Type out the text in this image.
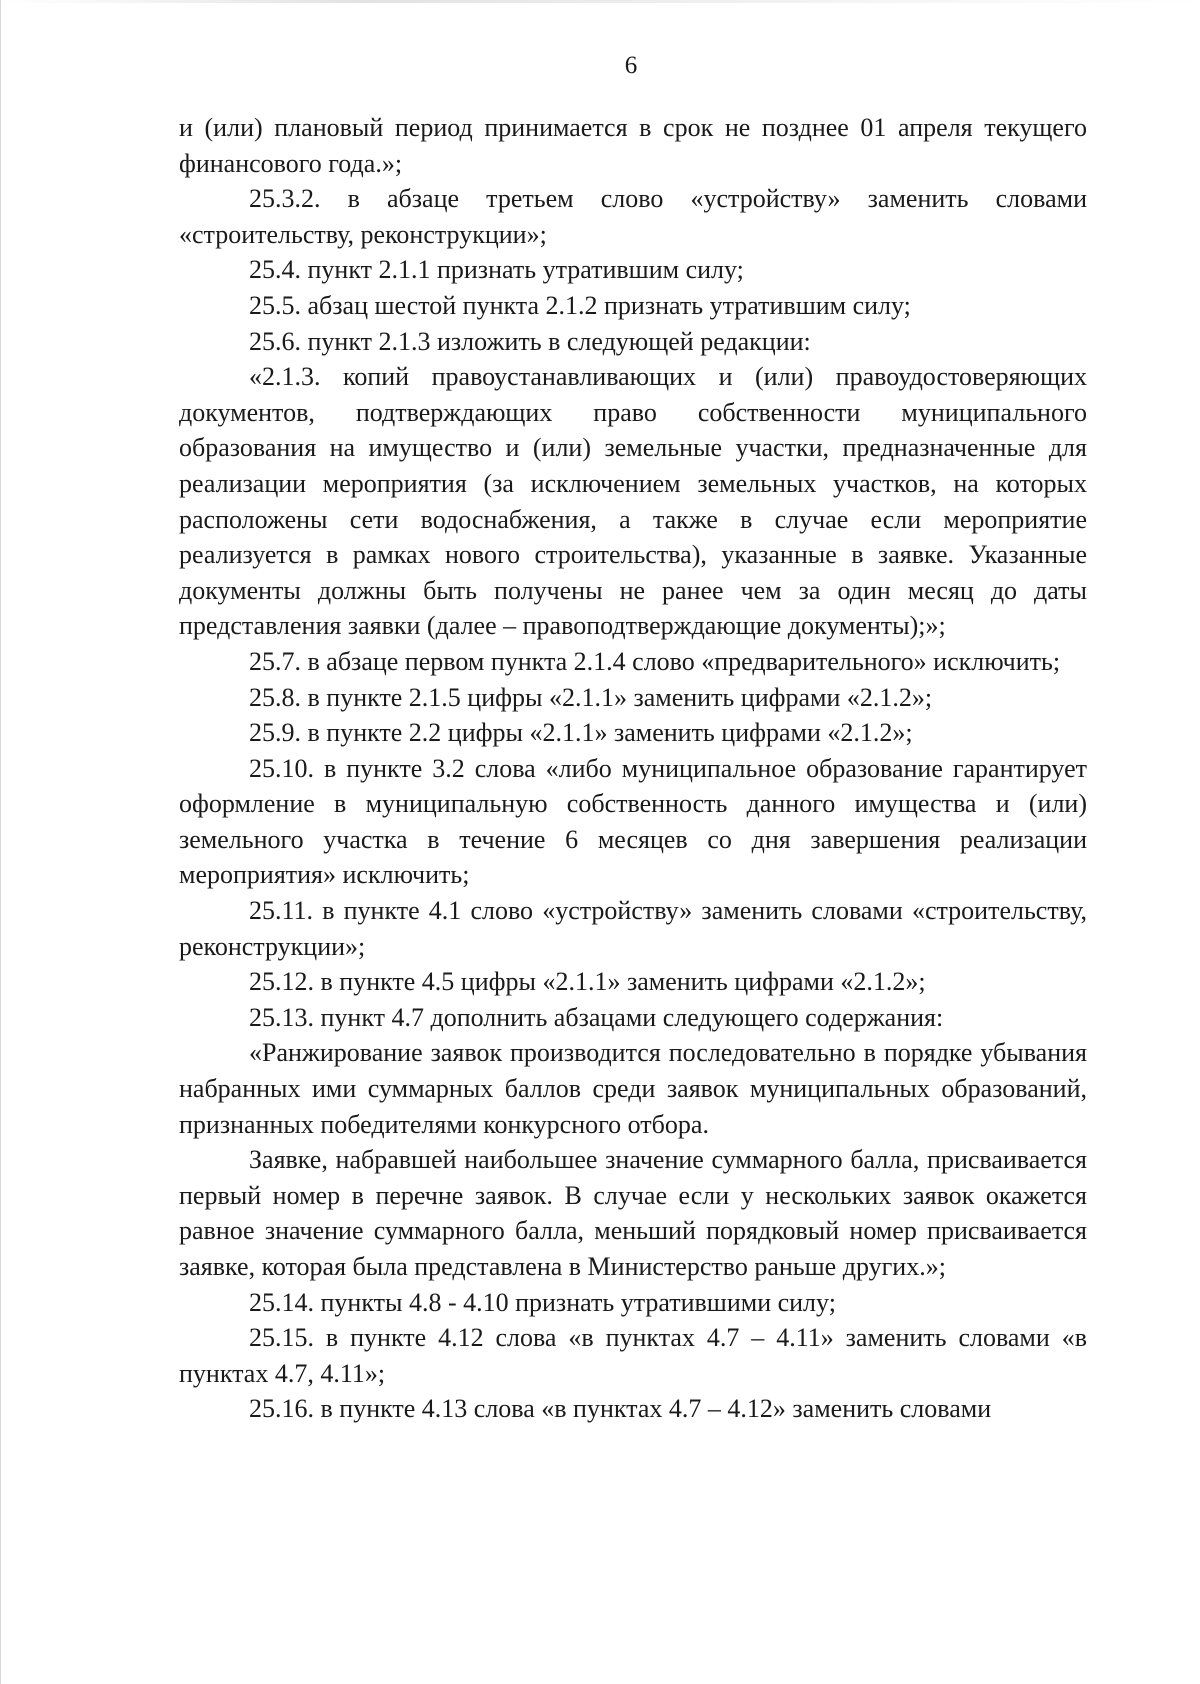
6

и (или) плановый период принимается в срок не позднее 01 апреля текущего финансового года.»;

25.3.2. в абзаце третьем слово «устройству» заменить словами «строительству, реконструкции»;

25.4. пункт 2.1.1 признать утратившим силу;

25.5. абзац шестой пункта 2.1.2 признать утратившим силу;

25.6. пункт 2.1.3 изложить в следующей редакции:

«2.1.3. копий правоустанавливающих и (или) правоудостоверяющих документов, подтверждающих право собственности муниципального образования на имущество и (или) земельные участки, предназначенные для реализации мероприятия (за исключением земельных участков, на которых расположены сети водоснабжения, а также в случае если мероприятие реализуется в рамках нового строительства), указанные в заявке. Указанные документы должны быть получены не ранее чем за один месяц до даты представления заявки (далее – правоподтверждающие документы);»;

25.7. в абзаце первом пункта 2.1.4 слово «предварительного» исключить;

25.8. в пункте 2.1.5 цифры «2.1.1» заменить цифрами «2.1.2»;

25.9. в пункте 2.2 цифры «2.1.1» заменить цифрами «2.1.2»;

25.10. в пункте 3.2 слова «либо муниципальное образование гарантирует оформление в муниципальную собственность данного имущества и (или) земельного участка в течение 6 месяцев со дня завершения реализации мероприятия» исключить;

25.11. в пункте 4.1 слово «устройству» заменить словами «строительству, реконструкции»;

25.12. в пункте 4.5 цифры «2.1.1» заменить цифрами «2.1.2»;

25.13. пункт 4.7 дополнить абзацами следующего содержания:

«Ранжирование заявок производится последовательно в порядке убывания набранных ими суммарных баллов среди заявок муниципальных образований, признанных победителями конкурсного отбора.

Заявке, набравшей наибольшее значение суммарного балла, присваивается первый номер в перечне заявок. В случае если у нескольких заявок окажется равное значение суммарного балла, меньший порядковый номер присваивается заявке, которая была представлена в Министерство раньше других.»;

25.14. пункты 4.8 - 4.10 признать утратившими силу;

25.15. в пункте 4.12 слова «в пунктах 4.7 – 4.11» заменить словами «в пунктах 4.7, 4.11»;

25.16. в пункте 4.13 слова «в пунктах 4.7 – 4.12» заменить словами
